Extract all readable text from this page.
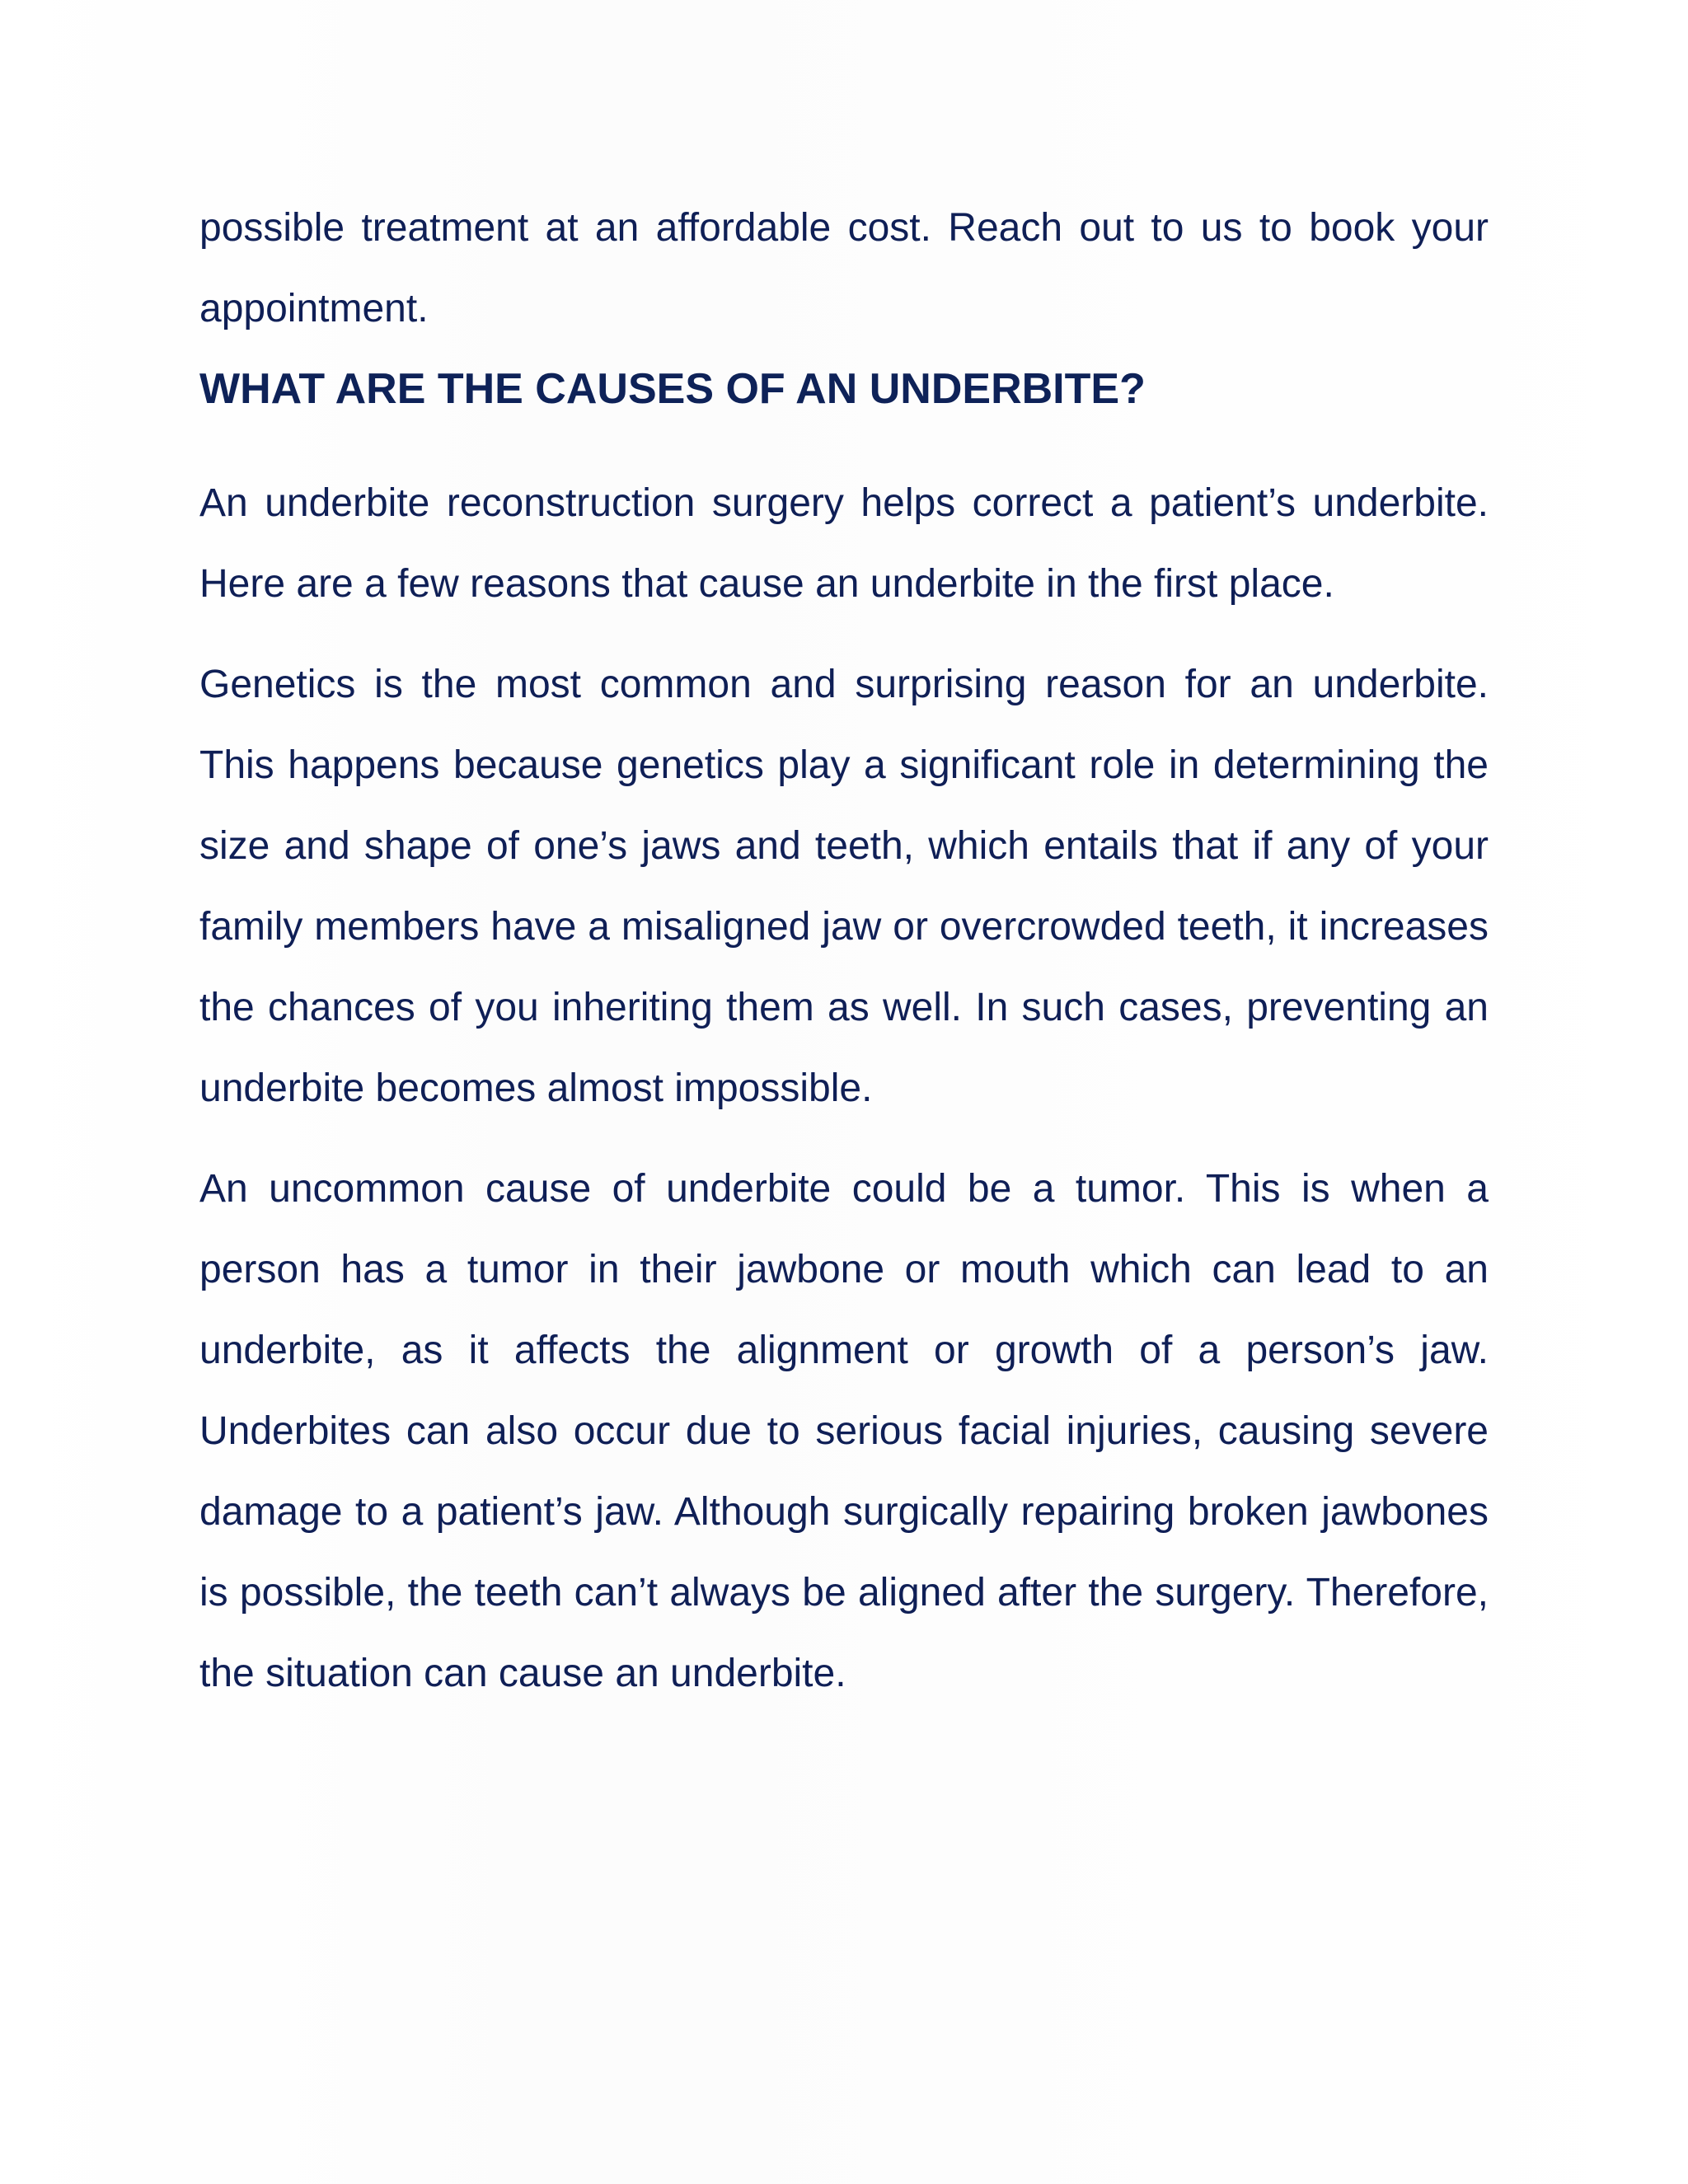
possible treatment at an affordable cost. Reach out to us to book your appointment.

WHAT ARE THE CAUSES OF AN UNDERBITE?

An underbite reconstruction surgery helps correct a patient’s underbite. Here are a few reasons that cause an underbite in the first place.

Genetics is the most common and surprising reason for an underbite. This happens because genetics play a significant role in determining the size and shape of one’s jaws and teeth, which entails that if any of your family members have a misaligned jaw or overcrowded teeth, it increases the chances of you inheriting them as well. In such cases, preventing an underbite becomes almost impossible.

An uncommon cause of underbite could be a tumor. This is when a person has a tumor in their jawbone or mouth which can lead to an underbite, as it affects the alignment or growth of a person’s jaw. Underbites can also occur due to serious facial injuries, causing severe damage to a patient’s jaw. Although surgically repairing broken jawbones is possible, the teeth can’t always be aligned after the surgery. Therefore, the situation can cause an underbite.
